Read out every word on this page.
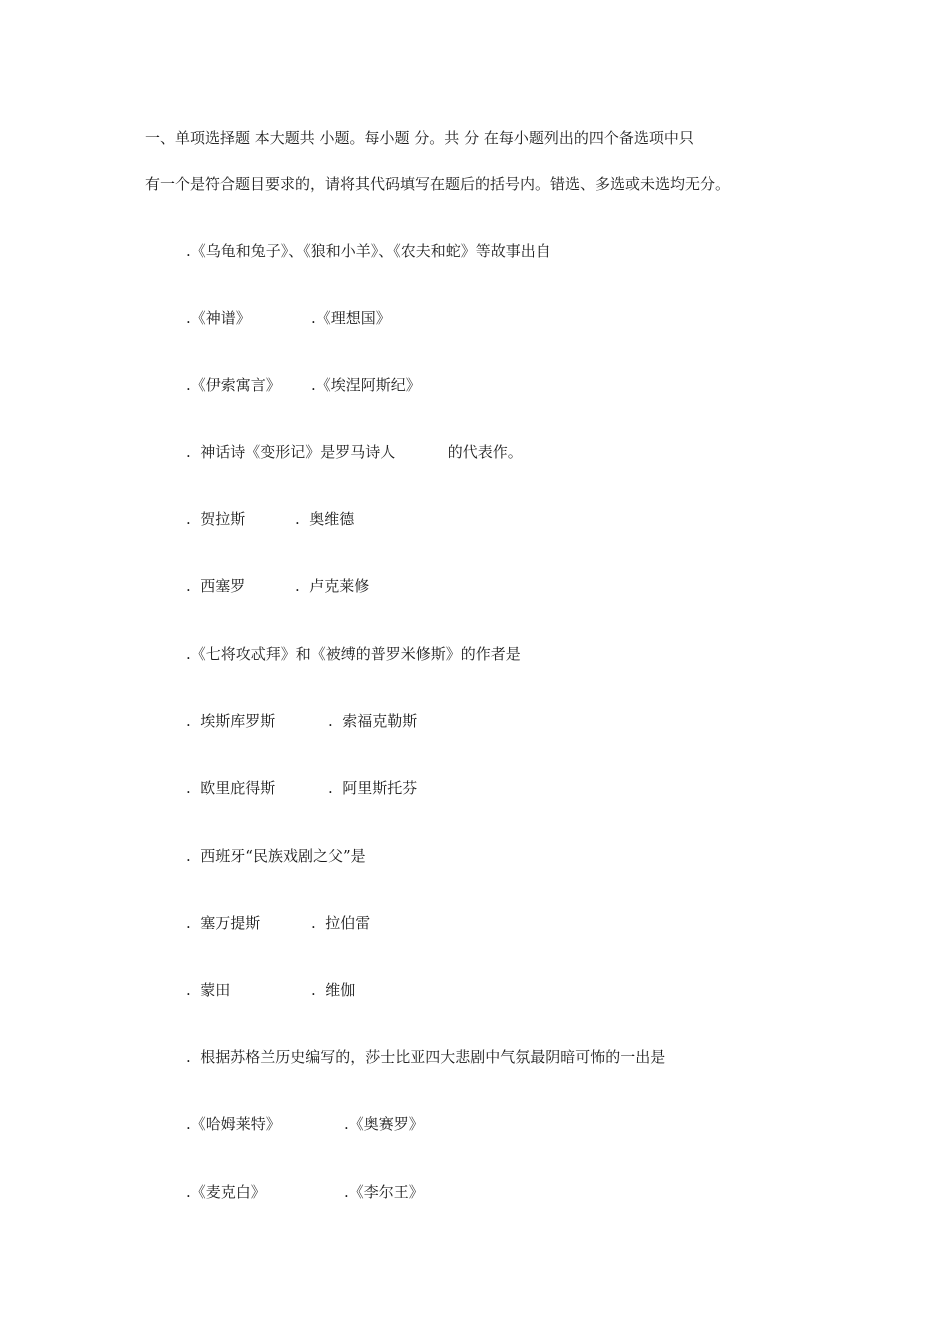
一、单项选择题 本大题共 小题。每小题 分。共 分 在每小题列出的四个备选项中只
有一个是符合题目要求的，请将其代码填写在题后的括号内。错选、多选或未选均无分。
.《乌龟和兔子》、《狼和小羊》、《农夫和蛇》等故事出自
.《神谱》	.《理想国》
.《伊索寓言》 .《埃涅阿斯纪》
.  神话诗《变形记》是罗马诗人           的代表作。
.  贺拉斯	.  奥维德
.  西塞罗	.  卢克莱修
.《七将攻忒拜》和《被缚的普罗米修斯》的作者是
.  埃斯库罗斯	.  索福克勒斯
.  欧里庇得斯	.  阿里斯托芬
.  西班牙“民族戏剧之父”是
.  塞万提斯	.  拉伯雷
.  蒙田	.  维伽
.  根据苏格兰历史编写的，莎士比亚四大悲剧中气氛最阴暗可怖的一出是
.《哈姆莱特》	.《奥赛罗》
.《麦克白》	.《李尔王》
